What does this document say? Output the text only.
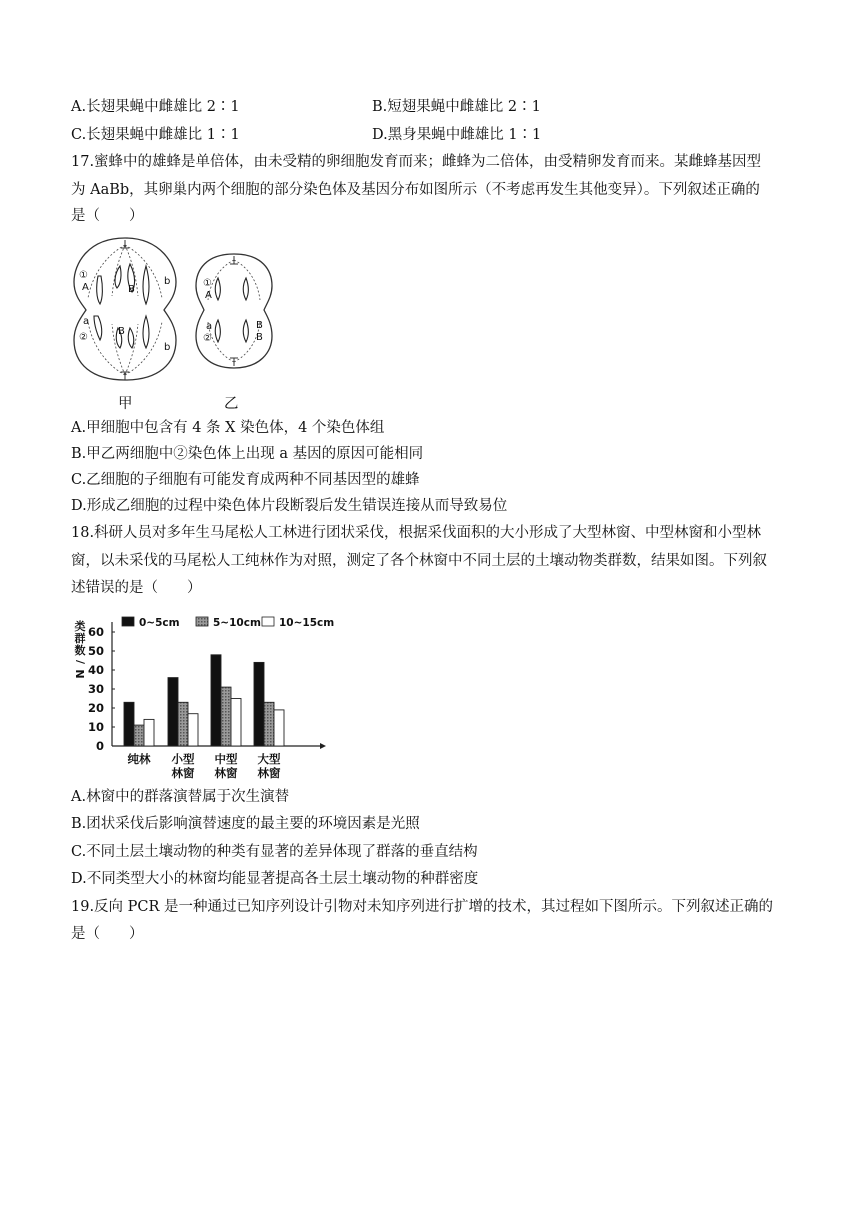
A.长翅果蝇中雌雄比 2∶1	B.短翅果蝇中雌雄比 2∶1
C.长翅果蝇中雌雄比 1∶1	D.黑身果蝇中雌雄比 1∶1
17.蜜蜂中的雄蜂是单倍体，由未受精的卵细胞发育而来；雌蜂为二倍体，由受精卵发育而来。某雌蜂基因型
为 AaBb，其卵巢内两个细胞的部分染色体及基因分布如图所示（不考虑再发生其他变异）。下列叙述正确的
是（　　）
①
A	B
b
a
②
B
b
①
A
a
②
B
B
甲	乙
A.甲细胞中包含有 4 条 X 染色体，4 个染色体组
B.甲乙两细胞中②染色体上出现 a 基因的原因可能相同
C.乙细胞的子细胞有可能发育成两种不同基因型的雄蜂
D.形成乙细胞的过程中染色体片段断裂后发生错误连接从而导致易位
18.科研人员对多年生马尾松人工林进行团状采伐，根据采伐面积的大小形成了大型林窗、中型林窗和小型林
窗，以未采伐的马尾松人工纯林作为对照，测定了各个林窗中不同土层的土壤动物类群数，结果如图。下列叙
述错误的是（　　）
0
10
20
30
40
50
60
类
群
数
/
N
0~5cm	5~10cm 10~15cm
纯林 小型
林窗
中型
林窗
大型
林窗
A.林窗中的群落演替属于次生演替
B.团状采伐后影响演替速度的最主要的环境因素是光照
C.不同土层土壤动物的种类有显著的差异体现了群落的垂直结构
D.不同类型大小的林窗均能显著提高各土层土壤动物的种群密度
19.反向 PCR 是一种通过已知序列设计引物对未知序列进行扩增的技术，其过程如下图所示。下列叙述正确的
是（　　）
